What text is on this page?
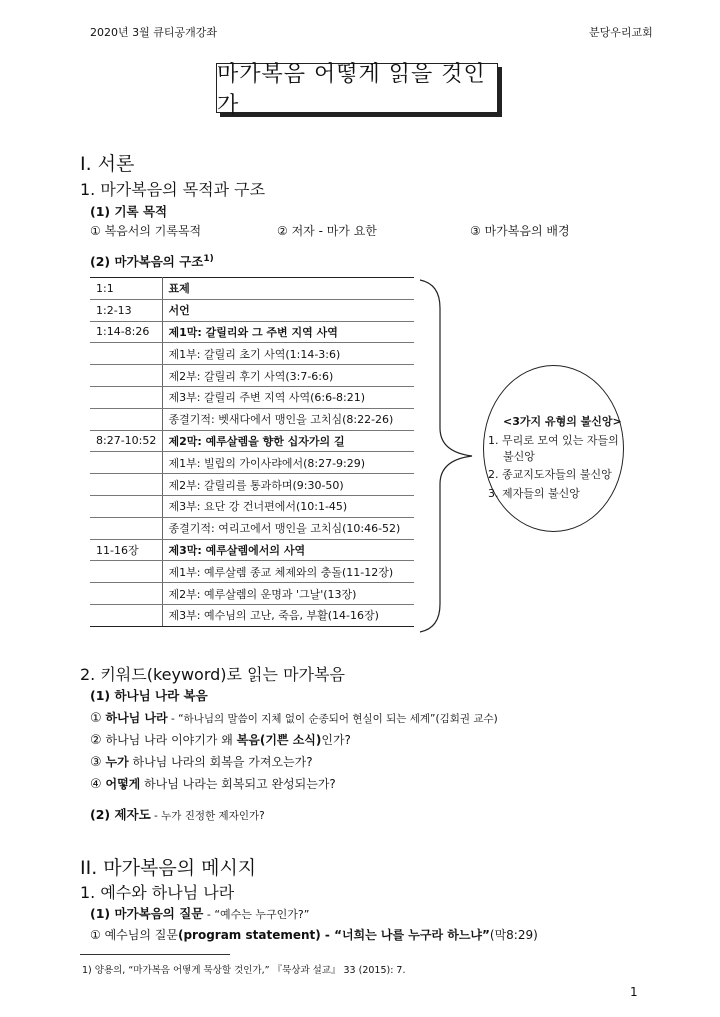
2020년 3월 큐티공개강좌	분당우리교회
마가복음 어떻게 읽을 것인가
I. 서론
1. 마가복음의 목적과 구조
(1) 기록 목적
① 복음서의 기록목적	② 저자 - 마가 요한	③ 마가복음의 배경
(2) 마가복음의 구조$^{1)}$
1:1	표제
1:2-13	서언
1:14-8:26	제1막: 갈릴리와 그 주변 지역 사역
	제1부: 갈릴리 초기 사역(1:14-3:6)
	제2부: 갈릴리 후기 사역(3:7-6:6)
	제3부: 갈릴리 주변 지역 사역(6:6-8:21)
	종결기적: 벳새다에서 맹인을 고치심(8:22-26)
8:27-10:52	제2막: 예루살렘을 향한 십자가의 길
	제1부: 빌립의 가이사랴에서(8:27-9:29)
	제2부: 갈릴리를 통과하며(9:30-50)
	제3부: 요단 강 건너편에서(10:1-45)
	종결기적: 여리고에서 맹인을 고치심(10:46-52)
11-16장	제3막: 예루살렘에서의 사역
	제1부: 예루살렘 종교 체제와의 충돌(11-12장)
	제2부: 예루살렘의 운명과 '그날'(13장)
	제3부: 예수님의 고난, 죽음, 부활(14-16장)
<3가지 유형의 불신앙>
1. 무리로 모여 있는 자들의
불신앙
2. 종교지도자들의 불신앙
3. 제자들의 불신앙
2. 키워드(keyword)로 읽는 마가복음
(1) 하나님 나라 복음
① 하나님 나라 - “하나님의 말씀이 지체 없이 순종되어 현실이 되는 세계”(김회권 교수)
② 하나님 나라 이야기가 왜 복음(기쁜 소식)인가?
③ 누가 하나님 나라의 회복을 가져오는가?
④ 어떻게 하나님 나라는 회복되고 완성되는가?
(2) 제자도 - 누가 진정한 제자인가?
II. 마가복음의 메시지
1. 예수와 하나님 나라
(1) 마가복음의 질문 - “예수는 누구인가?”
① 예수님의 질문(program statement) - “너희는 나를 누구라 하느냐”(막8:29)
1) 양용의, “마가복음 어떻게 묵상할 것인가,” 『묵상과 설교』 33 (2015): 7.
1
